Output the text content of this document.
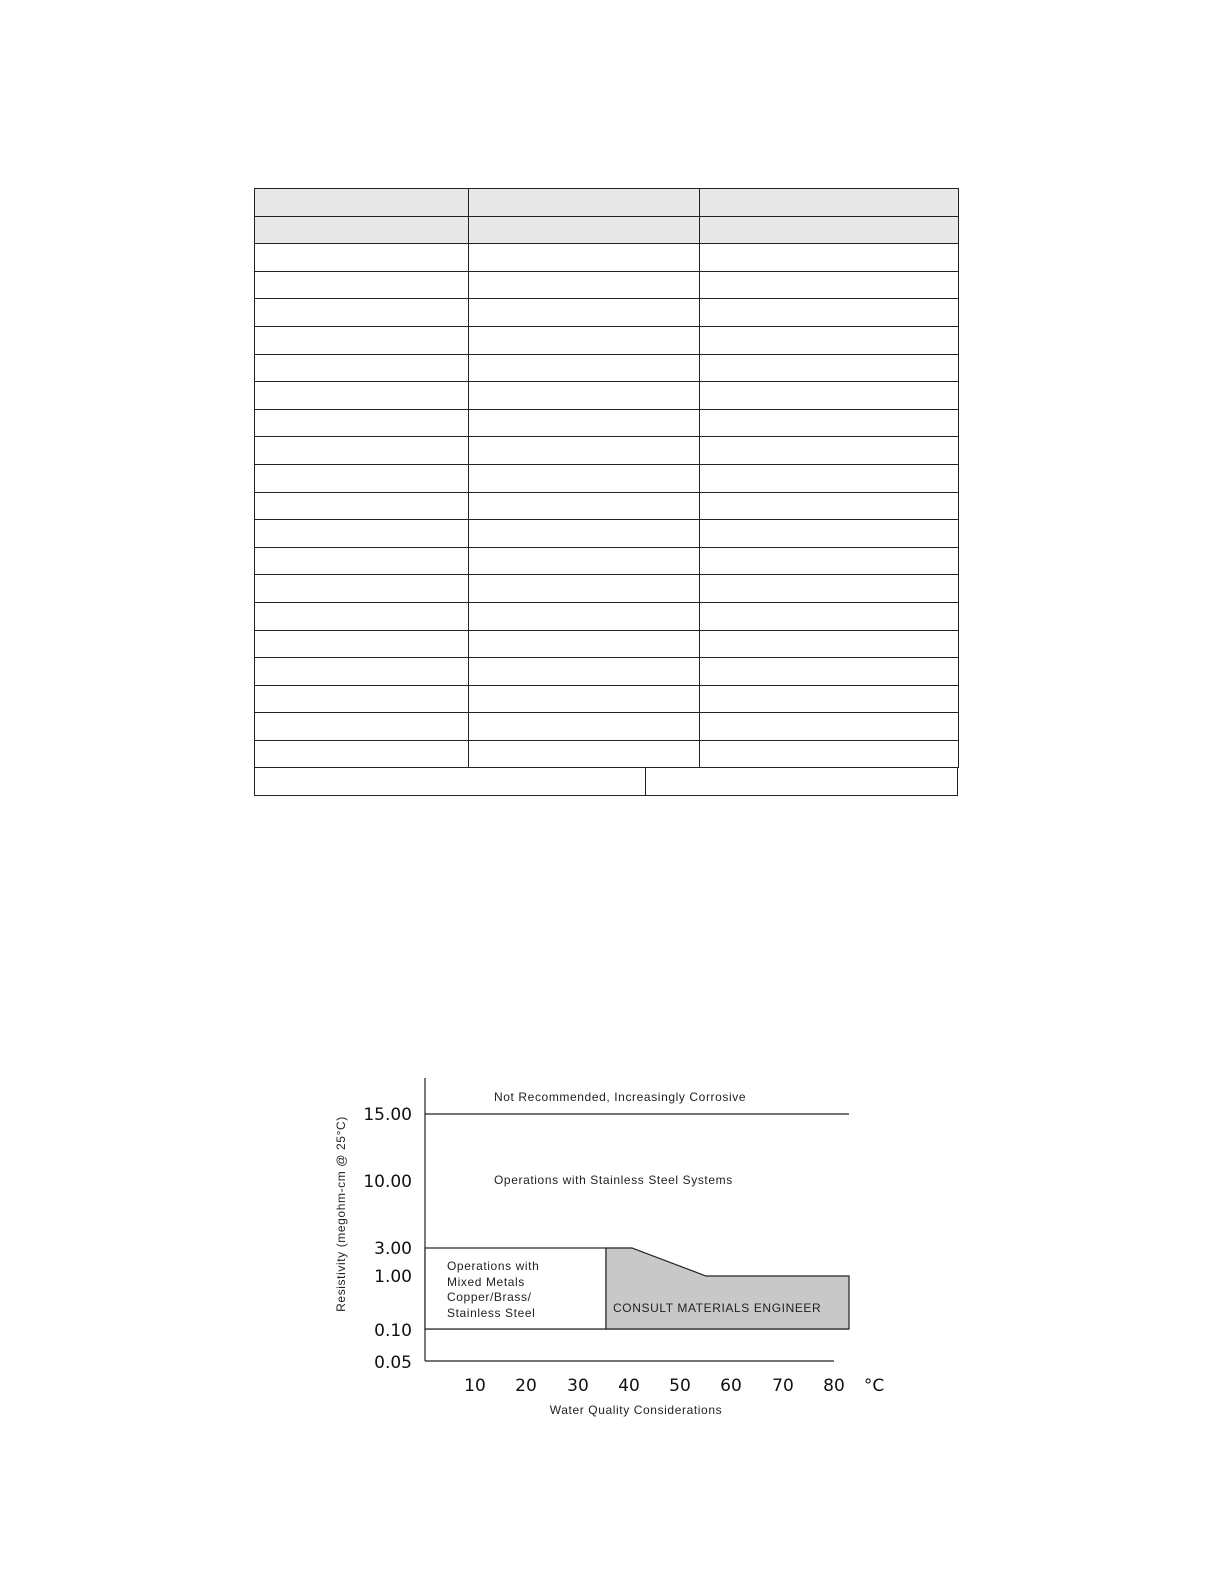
Not Recommended, Increasingly Corrosive
Operations with Stainless Steel Systems
Operations with
Mixed Metals
Copper/Brass/
Stainless Steel	CONSULT MATERIALS ENGINEER
15.00
10.00
3.00
1.00
0.10
0.05
10 20 30 40 50 60 70 80 °C
Water Quality Considerations
Resistivity (megohm-cm @ 25°C)
